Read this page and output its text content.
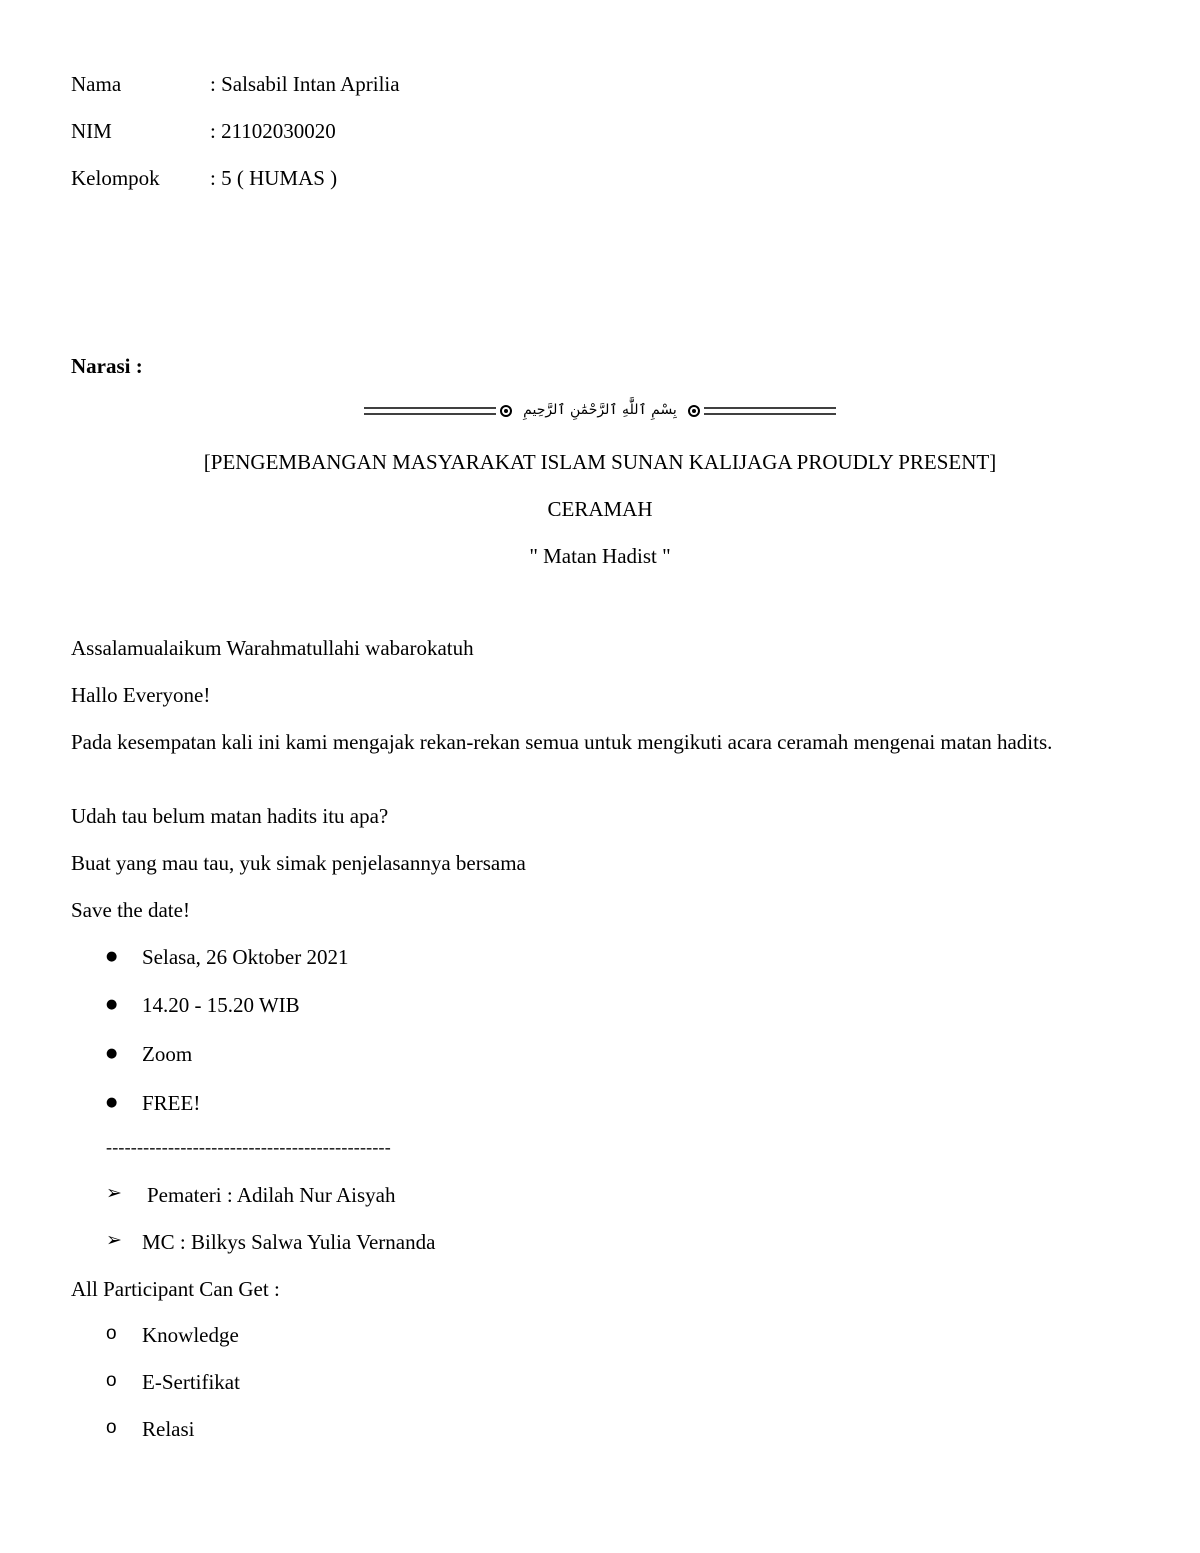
Nama	: Salsabil Intan Aprilia
NIM	: 21102030020
Kelompok : 5 ( HUMAS )
Narasi :
بِسْمِ ٱللَّٰهِ ٱلرَّحْمَٰنِ ٱلرَّحِيمِ
[PENGEMBANGAN MASYARAKAT ISLAM SUNAN KALIJAGA PROUDLY PRESENT]
CERAMAH
" Matan Hadist "
Assalamualaikum Warahmatullahi wabarokatuh
Hallo Everyone!
Pada kesempatan kali ini kami mengajak rekan-rekan semua untuk mengikuti acara ceramah mengenai matan hadits.
Udah tau belum matan hadits itu apa?
Buat yang mau tau, yuk simak penjelasannya bersama
Save the date!
● Selasa, 26 Oktober 2021
● 14.20 - 15.20 WIB
● Zoom
● FREE!
----------------------------------------------
➢ Pemateri : Adilah Nur Aisyah
➢ MC : Bilkys Salwa Yulia Vernanda
All Participant Can Get :
o Knowledge
o E-Sertifikat
o Relasi
